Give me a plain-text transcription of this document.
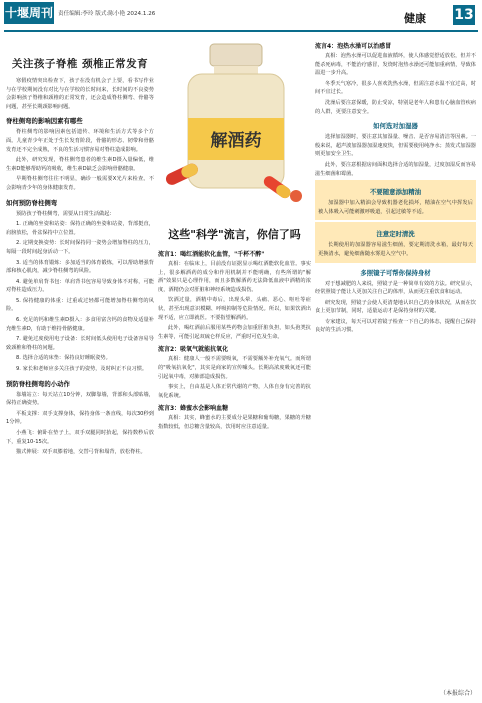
十堰周刊 责任编辑:李玲 版式:陈小艳 2024.1.26	健康 13
关注孩子脊椎 颈椎正常发育

寒假疫情突出检查下，孩子在没有机会子上要，看书写作业与在学校期间没有对比与在学校的长时间来，长时间的不良姿势会影响孩子脊椎和颈椎的正常发育，还会造成脊柱侧弯、骨骼等问题，甚至长期颈影响问题。

脊柱侧弯的影响因素有哪些

脊柱侧弯的影响因素包括遗传、环境和生活方式等多个方面。儿童青少年正处于生长发育阶段，骨骼的形态、韧带和骨骼发育还不完全成熟，不良的生活习惯容易对脊柱造成影响。

此外，研究发现，脊柱侧弯患者的维生素D摄入量偏低，维生素D能够帮助钙的吸收，维生素D缺乏会影响骨骼健康。

早期脊柱侧弯往往不明显，确诊一般需要X光片来检查。不会影响青少年的身体健康发育。

如何预防脊柱侧弯

预防孩子脊柱侧弯，需要从日常生活做起：

1. 正确的坐姿和站姿：保持正确的坐姿和站姿，背部挺直，肩膀放松，骨盆保持中立位置。

2. 定期变换姿势：长时间保持同一姿势会增加脊柱的压力，每隔一段时间起身活动一下。

3. 适当的体育锻炼：多加适当的体育锻炼，可以帮助增强背部和核心肌肉，减少脊柱侧弯的风险。

4. 避免单肩背书包：单肩背书包容易导致身体不对称，可能对脊柱造成压力。

5. 保持健康的体重：过重或过轻都可能增加脊柱侧弯的风险。

6. 充足的钙和维生素D摄入：多食用富含钙的食物及适量补充维生素D，有助于维持骨骼健康。

7. 避免过度使用电子设备：长时间低头使用电子设备容易导致颈椎和脊柱的问题。

8. 选择合适的床垫：保持良好睡眠姿势。

9. 家长和老师应多关注孩子的姿势，及时纠正不良习惯。

预防脊柱侧弯的小动作

靠墙站立：每天站立10分钟，双脚靠墙，背部和头部贴墙，保持正确姿势。

平板支撑：双手支撑身体，保持身体一条直线，每次30秒到1分钟。

小燕飞：俯卧在垫子上，双手双腿同时抬起，保持数秒后放下，重复10-15次。

猫式伸展：双手双膝着地，交替弓背和塌背，放松脊柱。

解酒药
这些"科学"流言，你信了吗
流言1：喝红酒能软化血管，"千杯不醉"

真相：在临床上，目前没有证据显示喝红酒能软化血管。事实上，很多解酒药的成分和作用机制并不能明确，有些所谓的"解酒"效果只是心理作用，而且多数解酒药无法降低血液中酒精的浓度，酒精仍会对肝脏和神经系统造成损伤。

饮酒过量，酒精中毒后，出现头晕、头痛、恶心、呕吐等症状，甚至出现意识模糊、呼吸抑制等危险情况。所以，如果饮酒出现不适，应立即就医。不要指望解酒药。

此外，喝红酒前后服用某些药物会加重肝脏负担，如头孢类抗生素等，可能引起双硫仑样反应，严重时可危及生命。

流言2：吸氧气就能抗氧化

真相：健康人一般不需要吸氧，不需要额外补充氧气。而所谓的"吸氧抗氧化"，其实是商家的宣传噱头。长期高浓度吸氧还可能引起氧中毒，对肺部造成损伤。

事实上，自由基是人体正常代谢的产物，人体自身有完善的抗氧化系统。

流言3：蜂蜜水会影响血糖

真相：其实，蜂蜜水的主要成分是果糖和葡萄糖，果糖的升糖指数较低，但总糖含量较高，饮用时应注意适量。

流言4：泡热水澡可以治感冒

真相：泡热水澡可以促进血液循环，使人体感觉舒适放松，但并不能杀死病毒，不能治疗感冒，发烧时泡热水澡还可能加重病情，导致体温进一步升高。

冬季天气寒冷，很多人喜欢洗热水澡，但需注意水温不宜过高，时间不宜过长。

洗澡后要注意保暖，防止受凉，特别是老年人和患有心脑血管疾病的人群，更要注意安全。

如何选对加湿器

选择加湿器时，要注意其加湿量、噪音、是否容易清洁等因素。一般来说，超声波加湿器加湿速度快，但需要使用纯净水；蒸发式加湿器则更加安全卫生。

此外，要注意根据房间面积选择合适的加湿量，过度加湿反而容易滋生细菌和霉菌。

不要随意添加精油

加湿器中加入精油会导致机器老化损坏，精油在空气中挥发后被人体吸入可能刺激呼吸道，引起过敏等不适。

注意定时清洗

长期使用的加湿器容易滋生细菌，要定期清洗水箱，最好每天更换清水，避免细菌随水雾进入空气中。

多照镜子可帮你保持身材

对于想减肥的人来说，照镜子是一种简单有效的方法。研究显示，经常照镜子能让人更加关注自己的体形，从而更注重饮食和运动。

研究发现，照镜子会使人更清楚地认识自己的身体状况，从而在饮食上更加节制，同时，适量运动才是保持身材的关键。

专家建议，每天可以对着镜子检查一下自己的体态，提醒自己保持良好的生活习惯。

（本报综合）
